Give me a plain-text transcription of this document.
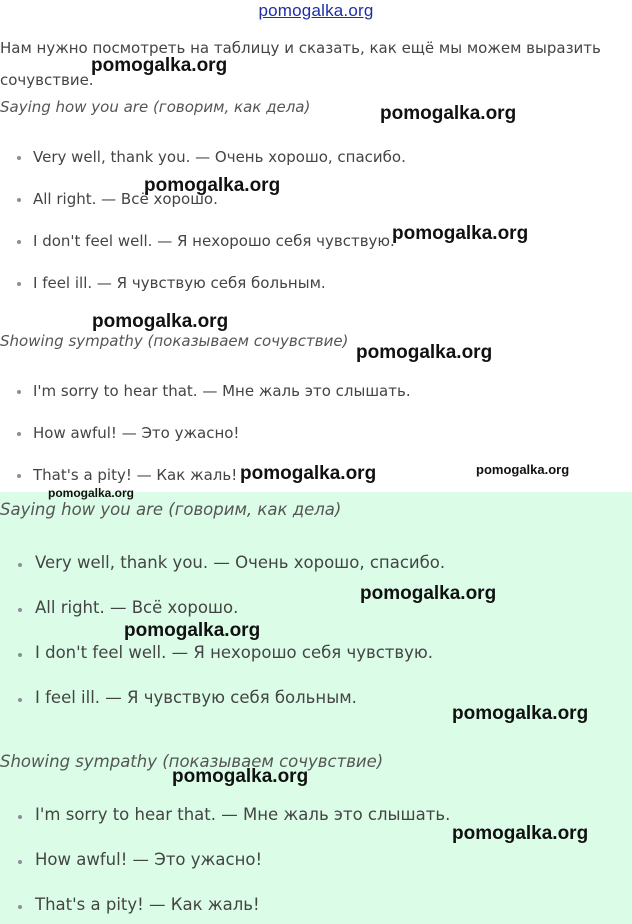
pomogalka.org
Нам нужно посмотреть на таблицу и сказать, как ещё мы можем выразить сочувствие.
Saying how you are (говорим, как дела)
Very well, thank you. — Очень хорошо, спасибо.
All right. — Всё хорошо.
I don't feel well. — Я нехорошо себя чувствую.
I feel ill. — Я чувствую себя больным.
Showing sympathy (показываем сочувствие)
I'm sorry to hear that. — Мне жаль это слышать.
How awful! — Это ужасно!
That's a pity! — Как жаль!
Saying how you are (говорим, как дела)
Very well, thank you. — Очень хорошо, спасибо.
All right. — Всё хорошо.
I don't feel well. — Я нехорошо себя чувствую.
I feel ill. — Я чувствую себя больным.
Showing sympathy (показываем сочувствие)
I'm sorry to hear that. — Мне жаль это слышать.
How awful! — Это ужасно!
That's a pity! — Как жаль!
pomogalka.org
pomogalka.org
pomogalka.org
pomogalka.org
pomogalka.org
pomogalka.org
pomogalka.org	pomogalka.org
pomogalka.org
pomogalka.org
pomogalka.org
pomogalka.org
pomogalka.org
pomogalka.org
